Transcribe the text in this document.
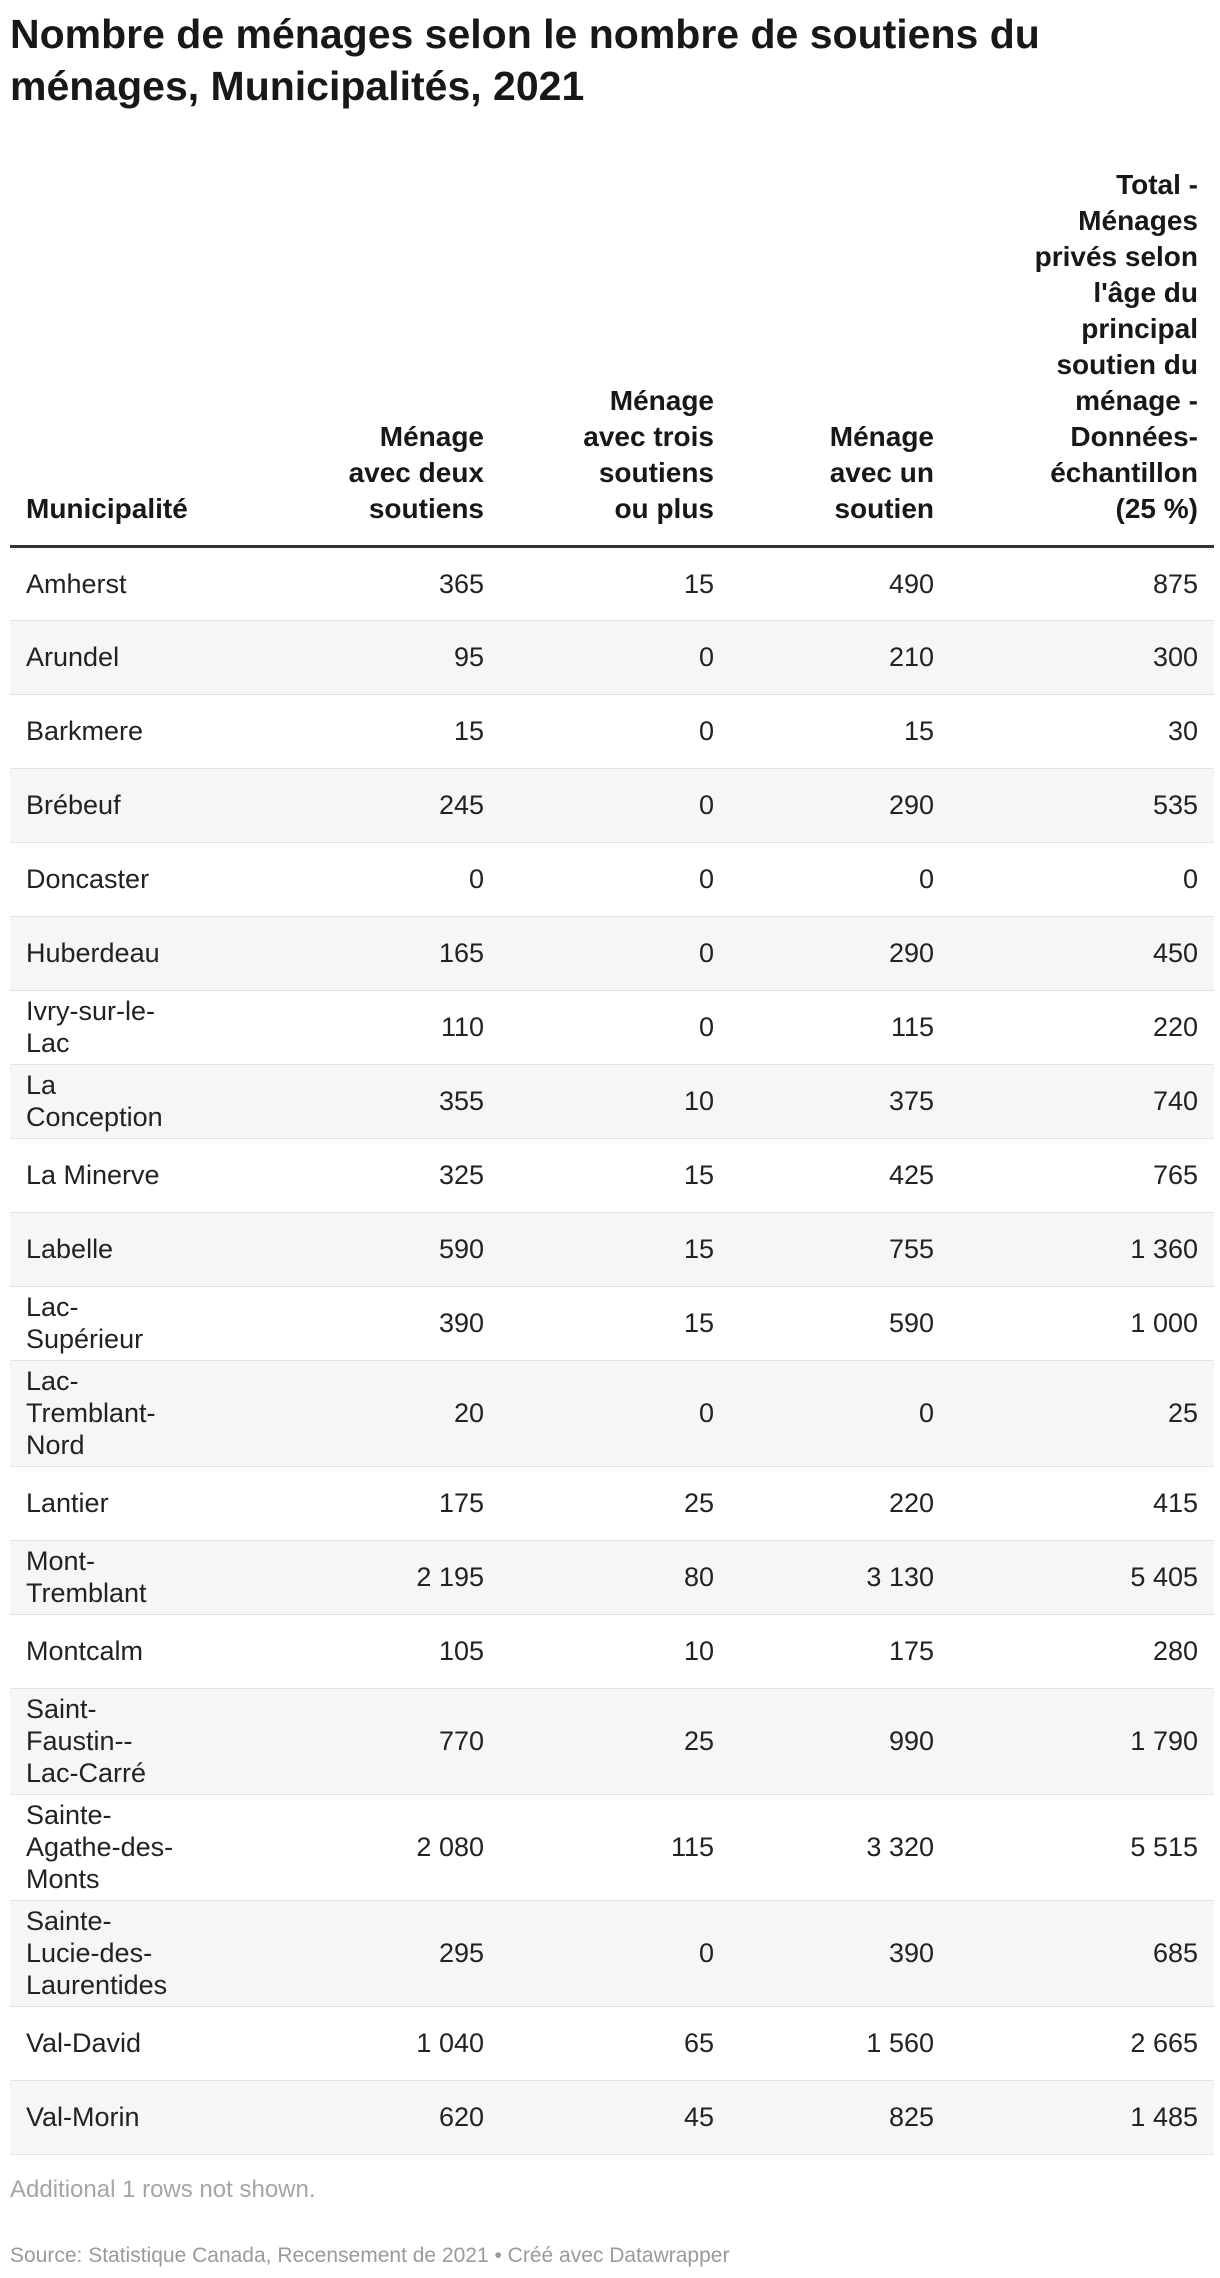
Nombre de ménages selon le nombre de soutiens du ménages, Municipalités, 2021
Municipalité	Ménage avec deux soutiens	Ménage avec trois soutiens ou plus	Ménage avec un soutien	Total - Ménages privés selon l'âge du principal soutien du ménage - Données-échantillon (25 %)
Amherst	365	15	490	875
Arundel	95	0	210	300
Barkmere	15	0	15	30
Brébeuf	245	0	290	535
Doncaster	0	0	0	0
Huberdeau	165	0	290	450
Ivry-sur-le-Lac	110	0	115	220
La Conception	355	10	375	740
La Minerve	325	15	425	765
Labelle	590	15	755	1 360
Lac-Supérieur	390	15	590	1 000
Lac-Tremblant-Nord	20	0	0	25
Lantier	175	25	220	415
Mont-Tremblant	2 195	80	3 130	5 405
Montcalm	105	10	175	280
Saint-Faustin--Lac-Carré	770	25	990	1 790
Sainte-Agathe-des-Monts	2 080	115	3 320	5 515
Sainte-Lucie-des-Laurentides	295	0	390	685
Val-David	1 040	65	1 560	2 665
Val-Morin	620	45	825	1 485
Additional 1 rows not shown.
Source: Statistique Canada, Recensement de 2021 • Créé avec Datawrapper
